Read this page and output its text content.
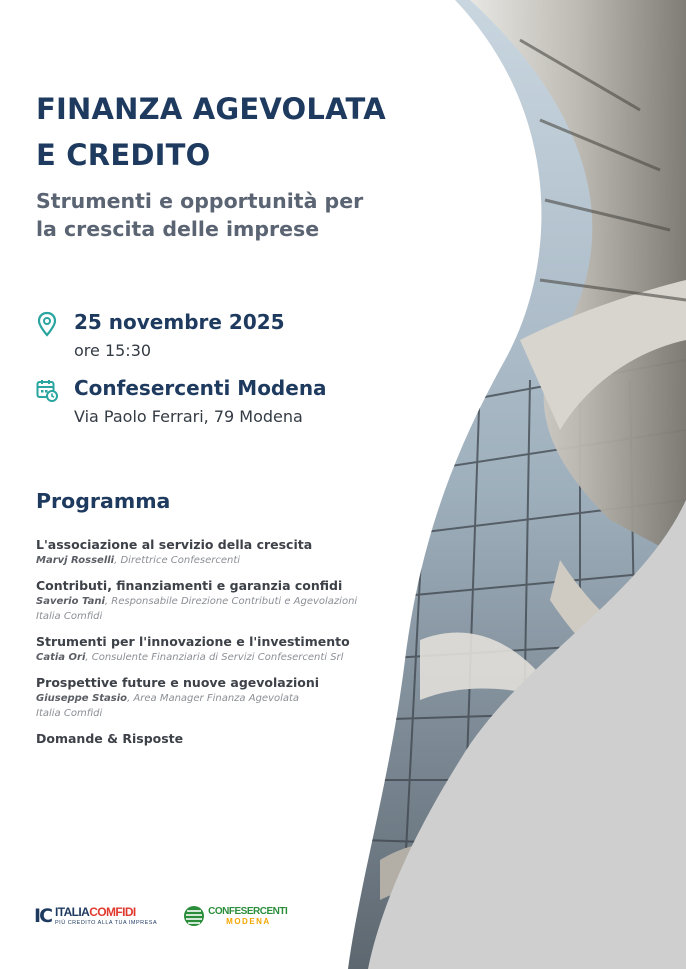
FINANZA AGEVOLATA
E CREDITO
Strumenti e opportunità per
la crescita delle imprese
25 novembre 2025
ore 15:30
Confesercenti Modena
Via Paolo Ferrari, 79 Modena
Programma
L'associazione al servizio della crescita
Marvj Rosselli, Direttrice Confesercenti
Contributi, finanziamenti e garanzia confidi
Saverio Tani, Responsabile Direzione Contributi e Agevolazioni
Italia Comfidi
Strumenti per l'innovazione e l'investimento
Catia Ori, Consulente Finanziaria di Servizi Confesercenti Srl
Prospettive future e nuove agevolazioni
Giuseppe Stasio, Area Manager Finanza Agevolata
Italia Comfidi
Domande & Risposte
IC ITALIACOMFIDI
PIÙ CREDITO ALLA TUA IMPRESA
CONFESERCENTI
MODENA
